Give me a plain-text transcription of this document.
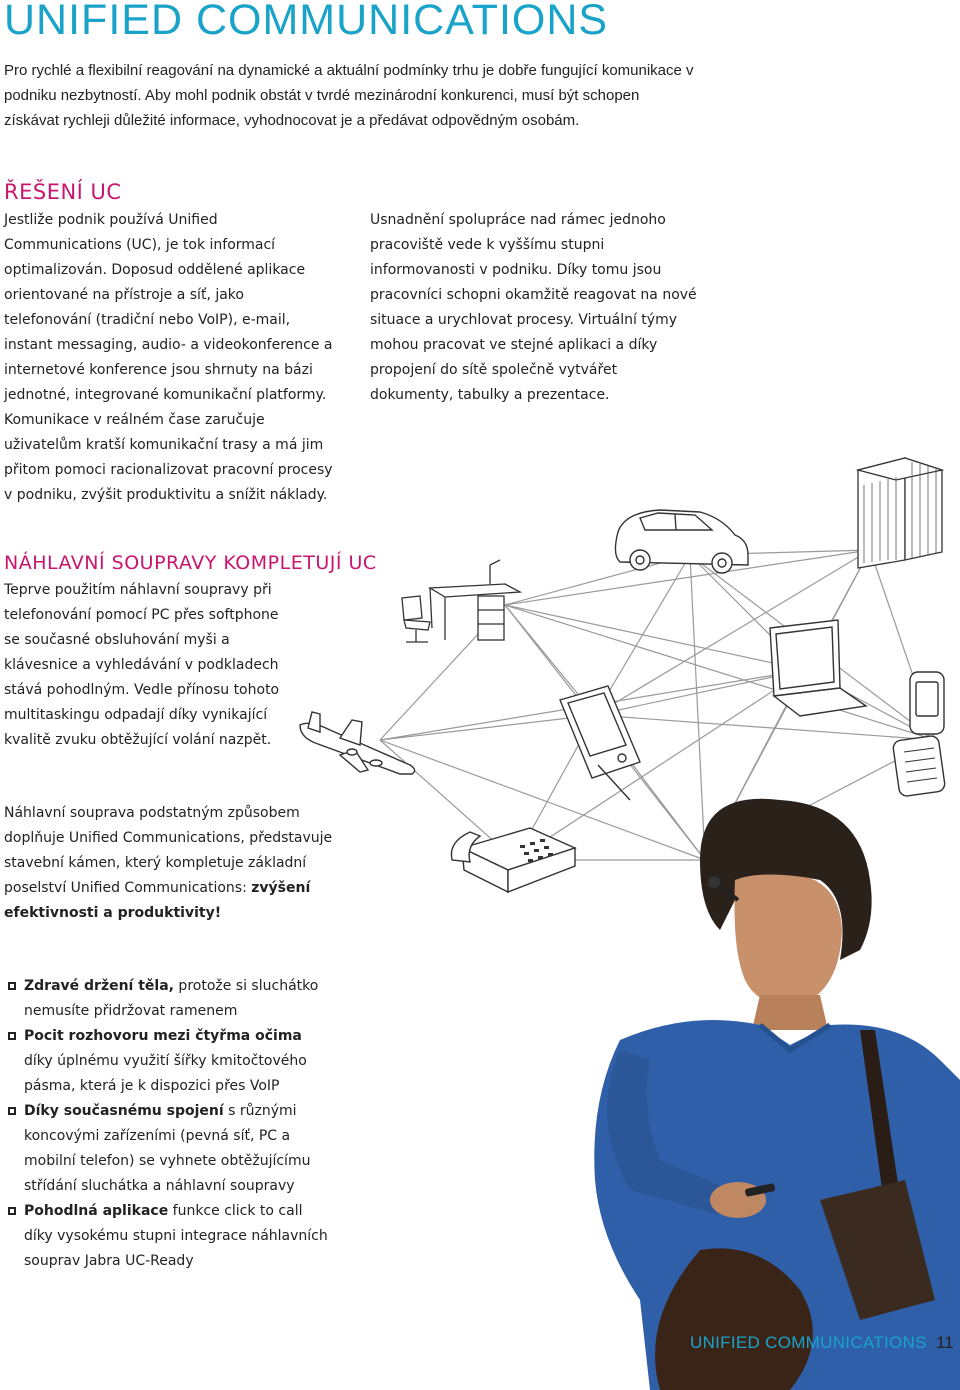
UNIFIED COMMUNICATIONS

Pro rychlé a flexibilní reagování na dynamické a aktuální podmínky trhu je dobře fungující komunikace v podniku nezbytností. Aby mohl podnik obstát v tvrdé mezinárodní konkurenci, musí být schopen získávat rychleji důležité informace, vyhodnocovat je a předávat odpovědným osobám.

ŘEŠENÍ UC

Jestliže podnik používá Unified Communications (UC), je tok informací optimalizován. Doposud oddělené aplikace orientované na přístroje a síť, jako telefonování (tradiční nebo VoIP), e-mail, instant messaging, audio- a videokonference a internetové konference jsou shrnuty na bázi jednotné, integrované komunikační platformy. Komunikace v reálném čase zaručuje uživatelům kratší komunikační trasy a má jim přitom pomoci racionalizovat pracovní procesy v podniku, zvýšit produktivitu a snížit náklady.

Usnadnění spolupráce nad rámec jednoho pracoviště vede k vyššímu stupni informovanosti v podniku. Díky tomu jsou pracovníci schopni okamžitě reagovat na nové situace a urychlovat procesy. Virtuální týmy mohou pracovat ve stejné aplikaci a díky propojení do sítě společně vytvářet dokumenty, tabulky a prezentace.

NÁHLAVNÍ SOUPRAVY KOMPLETUJÍ UC

Teprve použitím náhlavní soupravy při telefonování pomocí PC přes softphone se současné obsluhování myši a klávesnice a vyhledávání v podkladech stává pohodlným. Vedle přínosu tohoto multitaskingu odpadají díky vynikající kvalitě zvuku obtěžující volání nazpět.

Náhlavní souprava podstatným způsobem doplňuje Unified Communications, představuje stavební kámen, který kompletuje základní poselství Unified Communications: zvýšení efektivnosti a produktivity!

Zdravé držení těla, protože si sluchátko nemusíte přidržovat ramenem
Pocit rozhovoru mezi čtyřma očima díky úplnému využití šířky kmitočtového pásma, která je k dispozici přes VoIP
Díky současnému spojení s různými koncovými zařízeními (pevná síť, PC a mobilní telefon) se vyhnete obtěžujícímu střídání sluchátka a náhlavní soupravy
Pohodlná aplikace funkce click to call díky vysokému stupni integrace náhlavních souprav Jabra UC-Ready

UNIFIED COMMUNICATIONS 11
